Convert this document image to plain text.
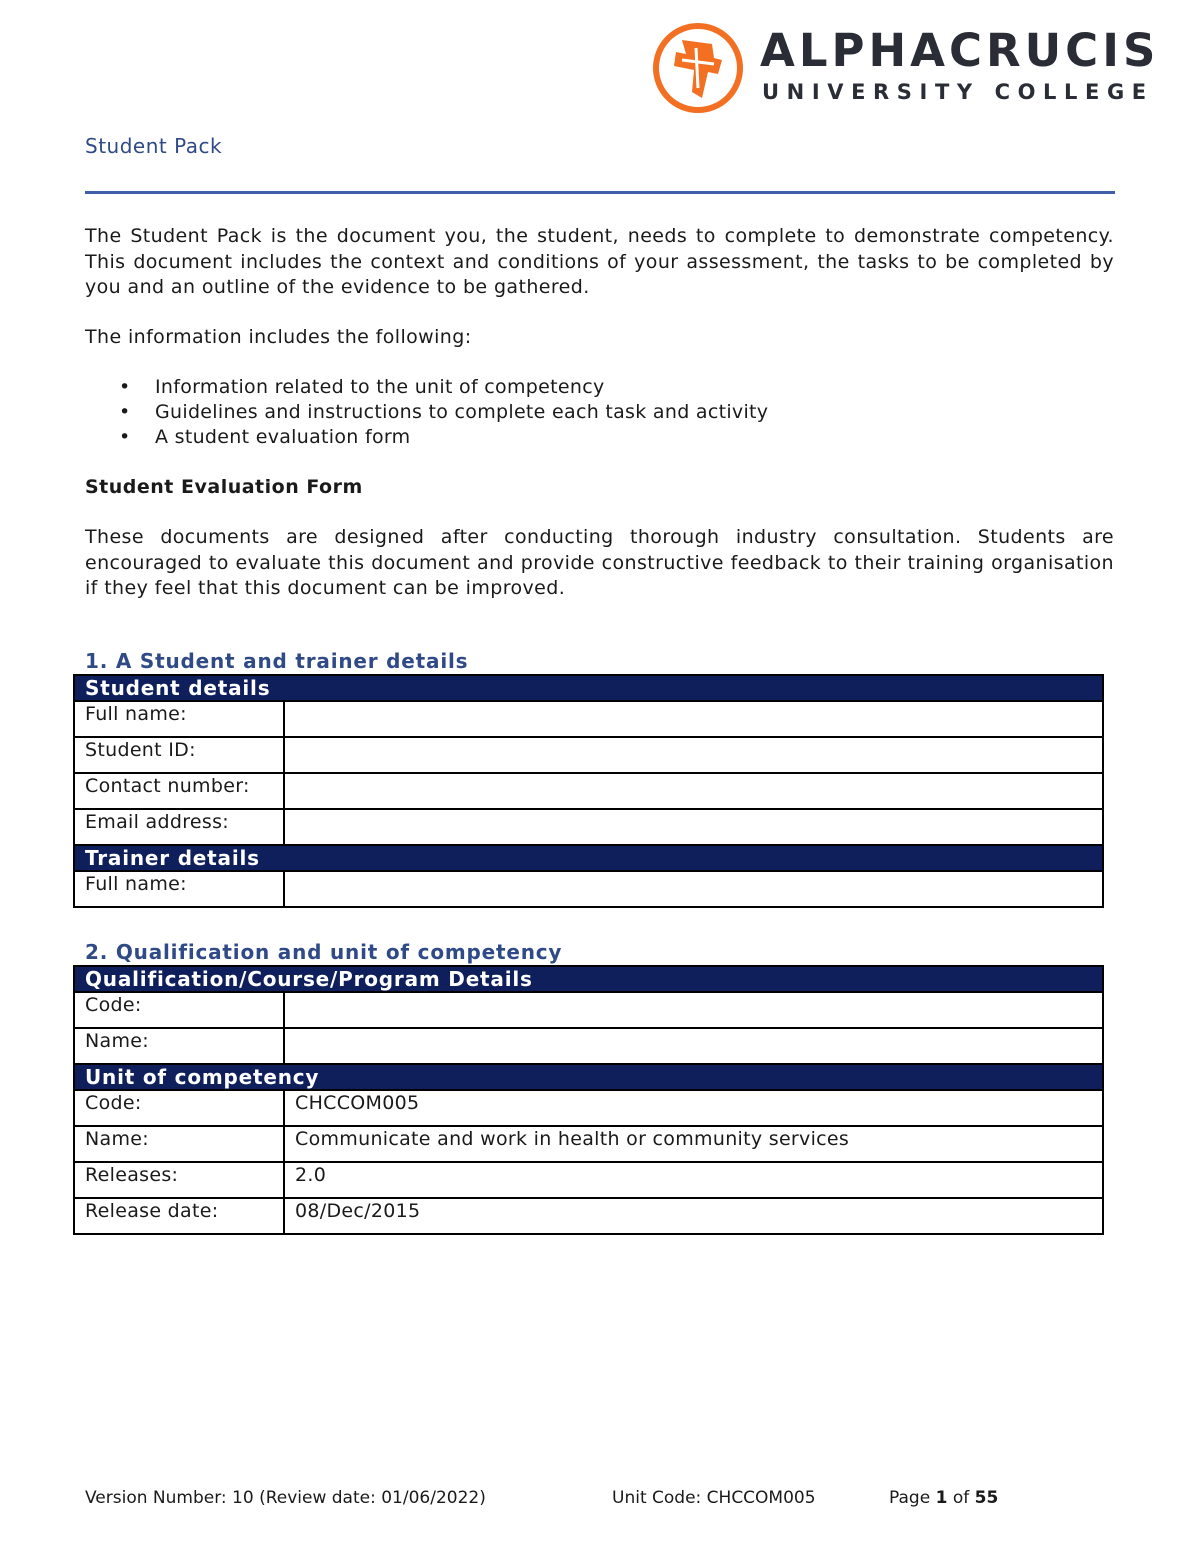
ALPHACRUCIS
UNIVERSITY COLLEGE
Student Pack
The Student Pack is the document you, the student, needs to complete to demonstrate competency. This document includes the context and conditions of your assessment, the tasks to be completed by you and an outline of the evidence to be gathered.
The information includes the following:
• Information related to the unit of competency
• Guidelines and instructions to complete each task and activity
• A student evaluation form
Student Evaluation Form
These documents are designed after conducting thorough industry consultation. Students are encouraged to evaluate this document and provide constructive feedback to their training organisation if they feel that this document can be improved.
1. A Student and trainer details
Student details	
Full name:	
Student ID:	
Contact number:	
Email address:	
Trainer details	
Full name:	
2. Qualification and unit of competency
Qualification/Course/Program Details	
Code:	
Name:	
Unit of competency	
Code:	CHCCOM005
Name:	Communicate and work in health or community services
Releases:	2.0
Release date:	08/Dec/2015
Version Number: 10 (Review date: 01/06/2022)	Unit Code: CHCCOM005	Page 1 of 55
